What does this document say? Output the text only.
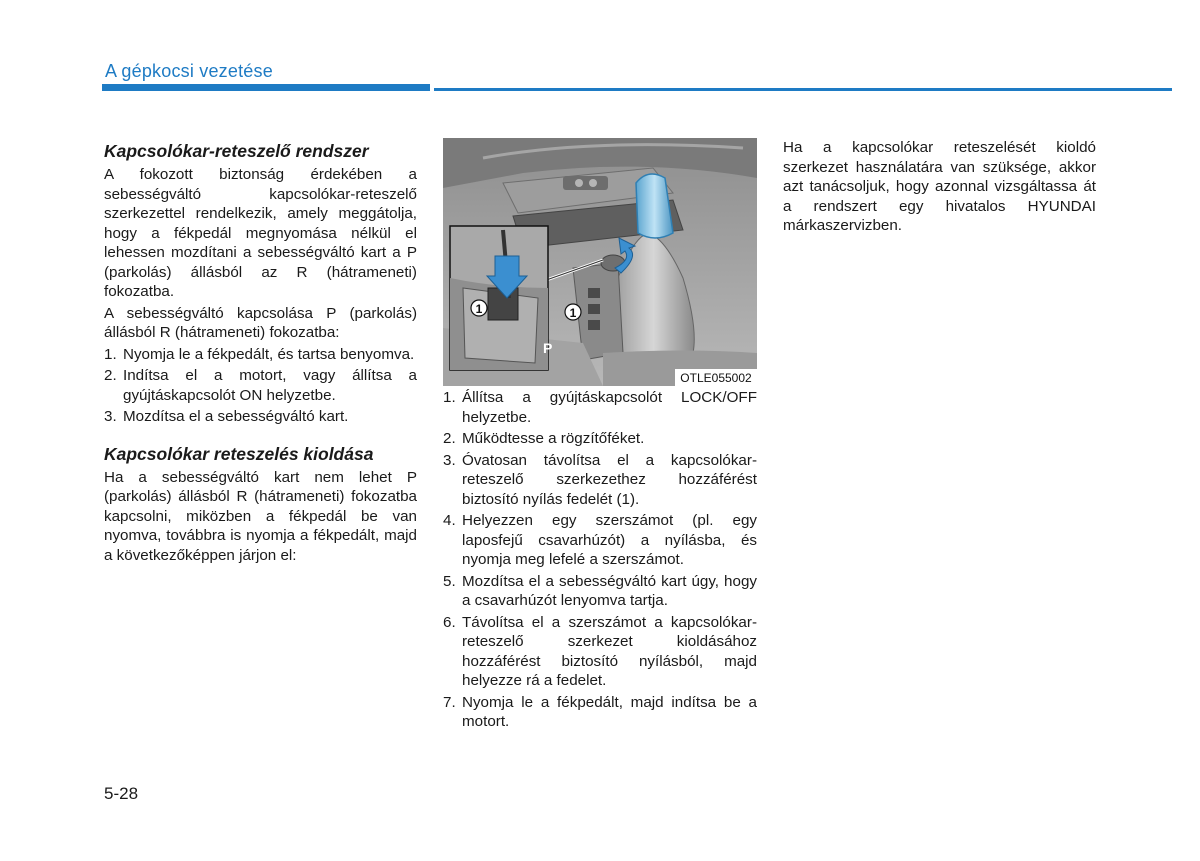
A gépkocsi vezetése
Kapcsolókar-reteszelő rendszer

A fokozott biztonság érdekében a sebességváltó kapcsolókar-reteszelő szerkezettel rendelkezik, amely meggátolja, hogy a fékpedál megnyomása nélkül el lehessen mozdítani a sebességváltó kart a P (parkolás) állásból az R (hátrameneti) fokozatba.

A sebességváltó kapcsolása P (parkolás) állásból R (hátrameneti) fokozatba:

1. Nyomja le a fékpedált, és tartsa benyomva.
2. Indítsa el a motort, vagy állítsa a gyújtáskapcsolót ON helyzetbe.
3. Mozdítsa el a sebességváltó kart.
Kapcsolókar reteszelés kioldása

Ha a sebességváltó kart nem lehet P (parkolás) állásból R (hátrameneti) fokozatba kapcsolni, miközben a fékpedál be van nyomva, továbbra is nyomja a fékpedált, majd a következőképpen járjon el:

1
P
1
OTLE055002
1. Állítsa a gyújtáskapcsolót LOCK/OFF helyzetbe.
2. Működtesse a rögzítőféket.
3. Óvatosan távolítsa el a kapcsolókar-reteszelő szerkezethez hozzáférést biztosító nyílás fedelét (1).
4. Helyezzen egy szerszámot (pl. egy laposfejű csavarhúzót) a nyílásba, és nyomja meg lefelé a szerszámot.
5. Mozdítsa el a sebességváltó kart úgy, hogy a csavarhúzót lenyomva tartja.
6. Távolítsa el a szerszámot a kapcsolókar-reteszelő szerkezet kioldásához hozzáférést biztosító nyílásból, majd helyezze rá a fedelet.
7. Nyomja le a fékpedált, majd indítsa be a motort.

Ha a kapcsolókar reteszelését kioldó szerkezet használatára van szüksége, akkor azt tanácsoljuk, hogy azonnal vizsgáltassa át a rendszert egy hivatalos HYUNDAI márkaszervizben.

5-28
